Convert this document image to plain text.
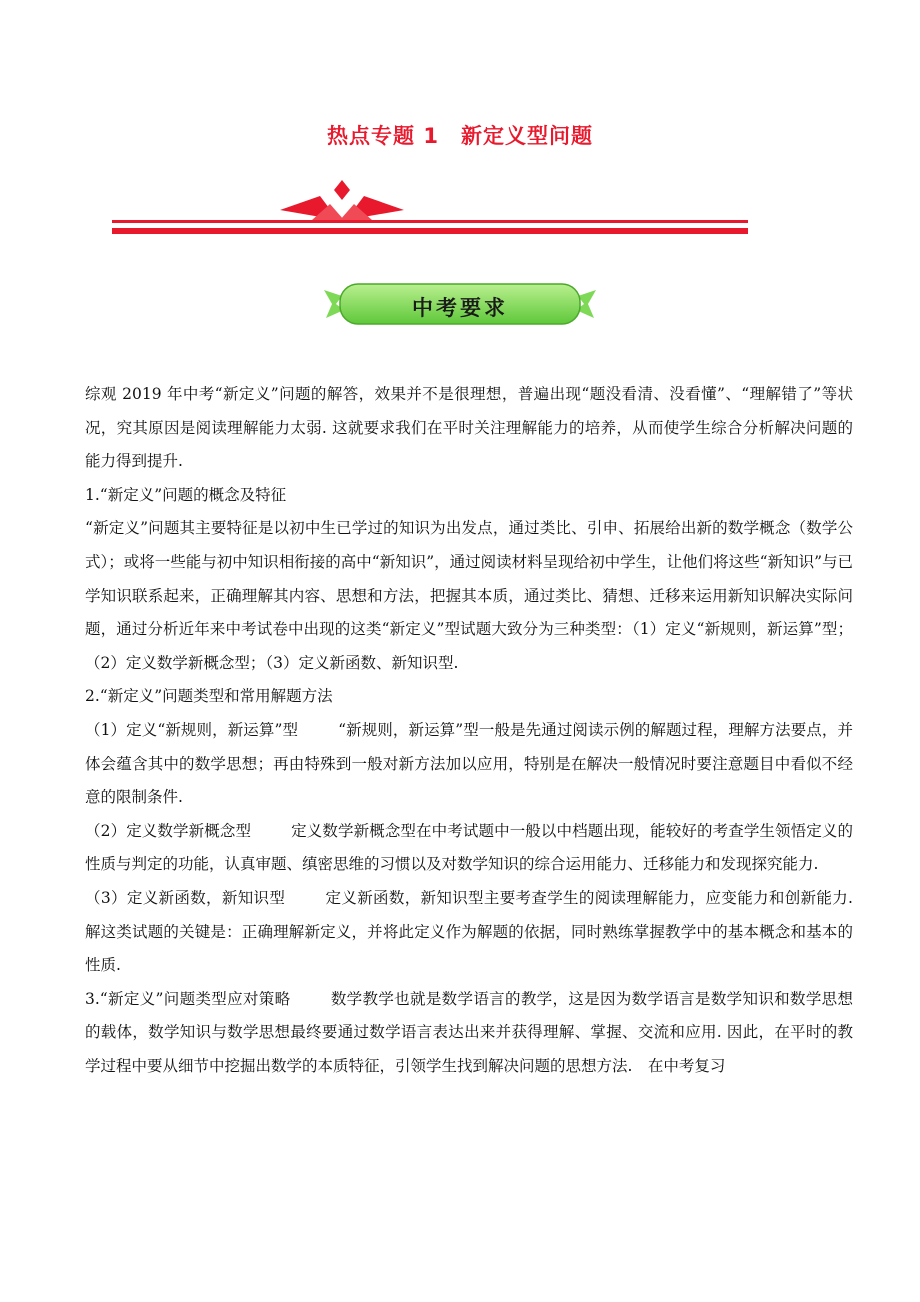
热点专题 1　新定义型问题
中考要求

综观 2019 年中考“新定义”问题的解答，效果并不是很理想，普遍出现“题没看清、没看懂”、“理解错了”等状况，究其原因是阅读理解能力太弱. 这就要求我们在平时关注理解能力的培养，从而使学生综合分析解决问题的能力得到提升.

1.“新定义”问题的概念及特征

“新定义”问题其主要特征是以初中生已学过的知识为出发点，通过类比、引申、拓展给出新的数学概念（数学公式）；或将一些能与初中知识相衔接的高中“新知识”，通过阅读材料呈现给初中学生，让他们将这些“新知识”与已学知识联系起来，正确理解其内容、思想和方法，把握其本质，通过类比、猜想、迁移来运用新知识解决实际问题，通过分析近年来中考试卷中出现的这类“新定义”型试题大致分为三种类型：（1）定义“新规则，新运算”型；（2）定义数学新概念型；（3）定义新函数、新知识型.

2.“新定义”问题类型和常用解题方法

（1）定义“新规则，新运算”型	“新规则，新运算”型一般是先通过阅读示例的解题过程，理解方法要点，并体会蕴含其中的数学思想；再由特殊到一般对新方法加以应用，特别是在解决一般情况时要注意题目中看似不经意的限制条件.

（2）定义数学新概念型	定义数学新概念型在中考试题中一般以中档题出现，能较好的考查学生领悟定义的性质与判定的功能，认真审题、缜密思维的习惯以及对数学知识的综合运用能力、迁移能力和发现探究能力.

（3）定义新函数，新知识型	定义新函数，新知识型主要考查学生的阅读理解能力，应变能力和创新能力. 解这类试题的关键是：正确理解新定义，并将此定义作为解题的依据，同时熟练掌握教学中的基本概念和基本的性质.

3.“新定义”问题类型应对策略	数学教学也就是数学语言的教学，这是因为数学语言是数学知识和数学思想的载体，数学知识与数学思想最终要通过数学语言表达出来并获得理解、掌握、交流和应用. 因此，在平时的教学过程中要从细节中挖掘出数学的本质特征，引领学生找到解决问题的思想方法.　在中考复习
